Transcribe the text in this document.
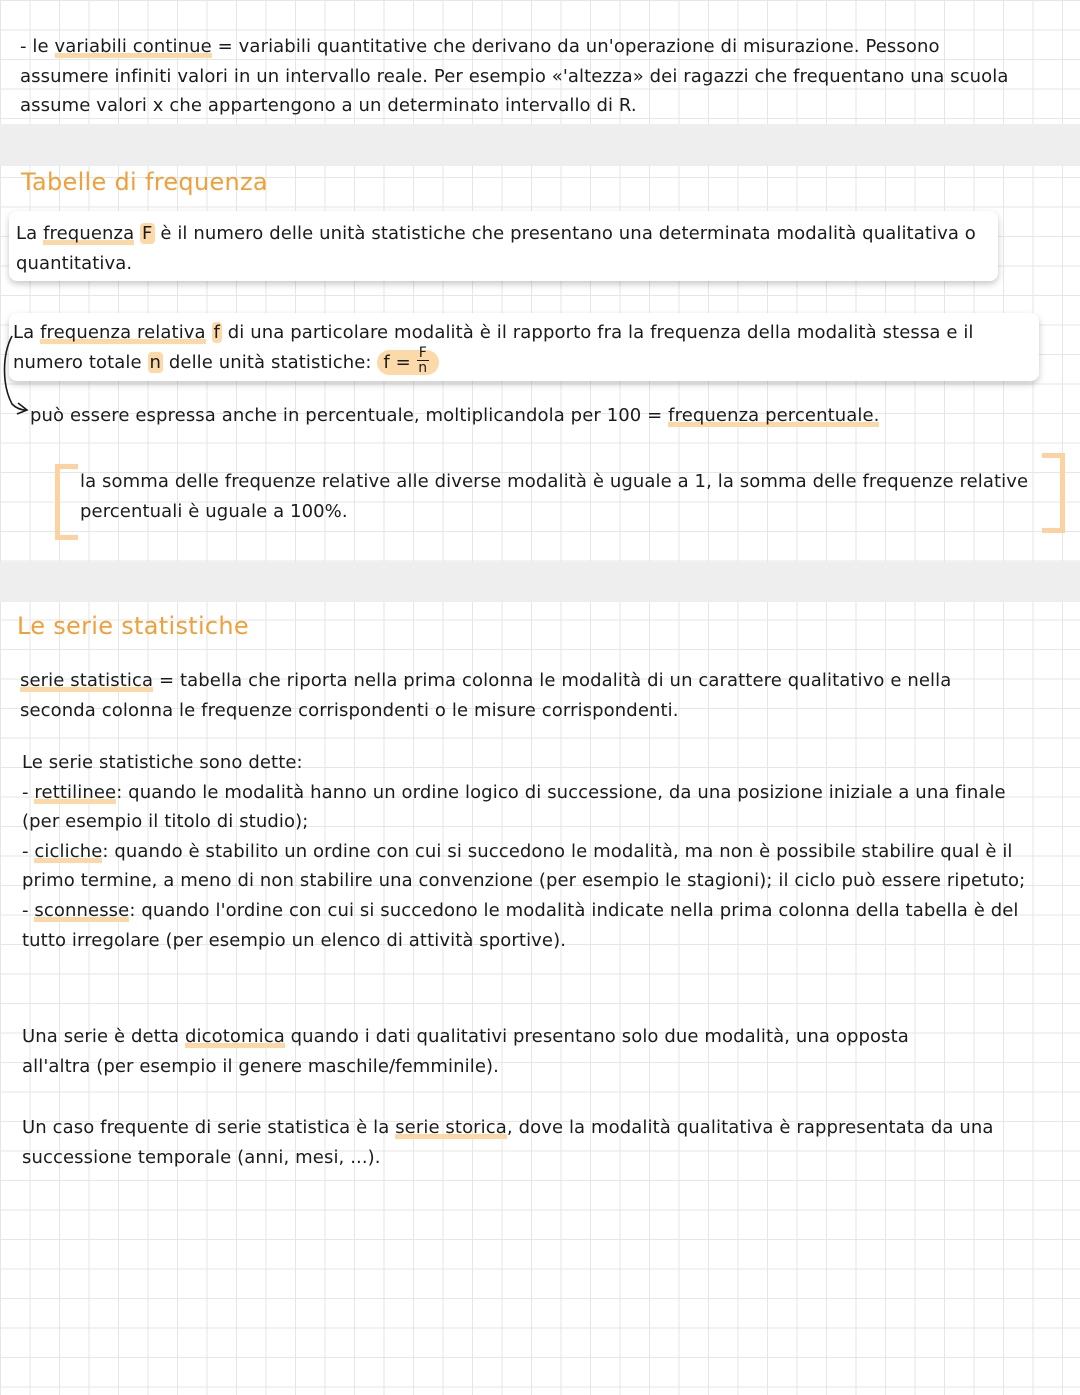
- le variabili continue = variabili quantitative che derivano da un'operazione di misurazione. Pessono assumere infiniti valori in un intervallo reale. Per esempio «'altezza» dei ragazzi che frequentano una scuola assume valori x che appartengono a un determinato intervallo di R.
Tabelle di frequenza
La frequenza F è il numero delle unità statistiche che presentano una determinata modalità qualitativa o quantitativa.
La frequenza relativa f di una particolare modalità è il rapporto fra la frequenza della modalità stessa e il numero totale n delle unità statistiche: $f = \frac{F}{n}$
può essere espressa anche in percentuale, moltiplicandola per 100 = frequenza percentuale.
la somma delle frequenze relative alle diverse modalità è uguale a 1, la somma delle frequenze relative percentuali è uguale a 100%.
Le serie statistiche
serie statistica = tabella che riporta nella prima colonna le modalità di un carattere qualitativo e nella seconda colonna le frequenze corrispondenti o le misure corrispondenti.
Le serie statistiche sono dette:
- rettilinee: quando le modalità hanno un ordine logico di successione, da una posizione iniziale a una finale (per esempio il titolo di studio);
- cicliche: quando è stabilito un ordine con cui si succedono le modalità, ma non è possibile stabilire qual è il primo termine, a meno di non stabilire una convenzione (per esempio le stagioni); il ciclo può essere ripetuto;
- sconnesse: quando l'ordine con cui si succedono le modalità indicate nella prima colonna della tabella è del tutto irregolare (per esempio un elenco di attività sportive).
Una serie è detta dicotomica quando i dati qualitativi presentano solo due modalità, una opposta all'altra (per esempio il genere maschile/femminile).
Un caso frequente di serie statistica è la serie storica, dove la modalità qualitativa è rappresentata da una successione temporale (anni, mesi, ...).
